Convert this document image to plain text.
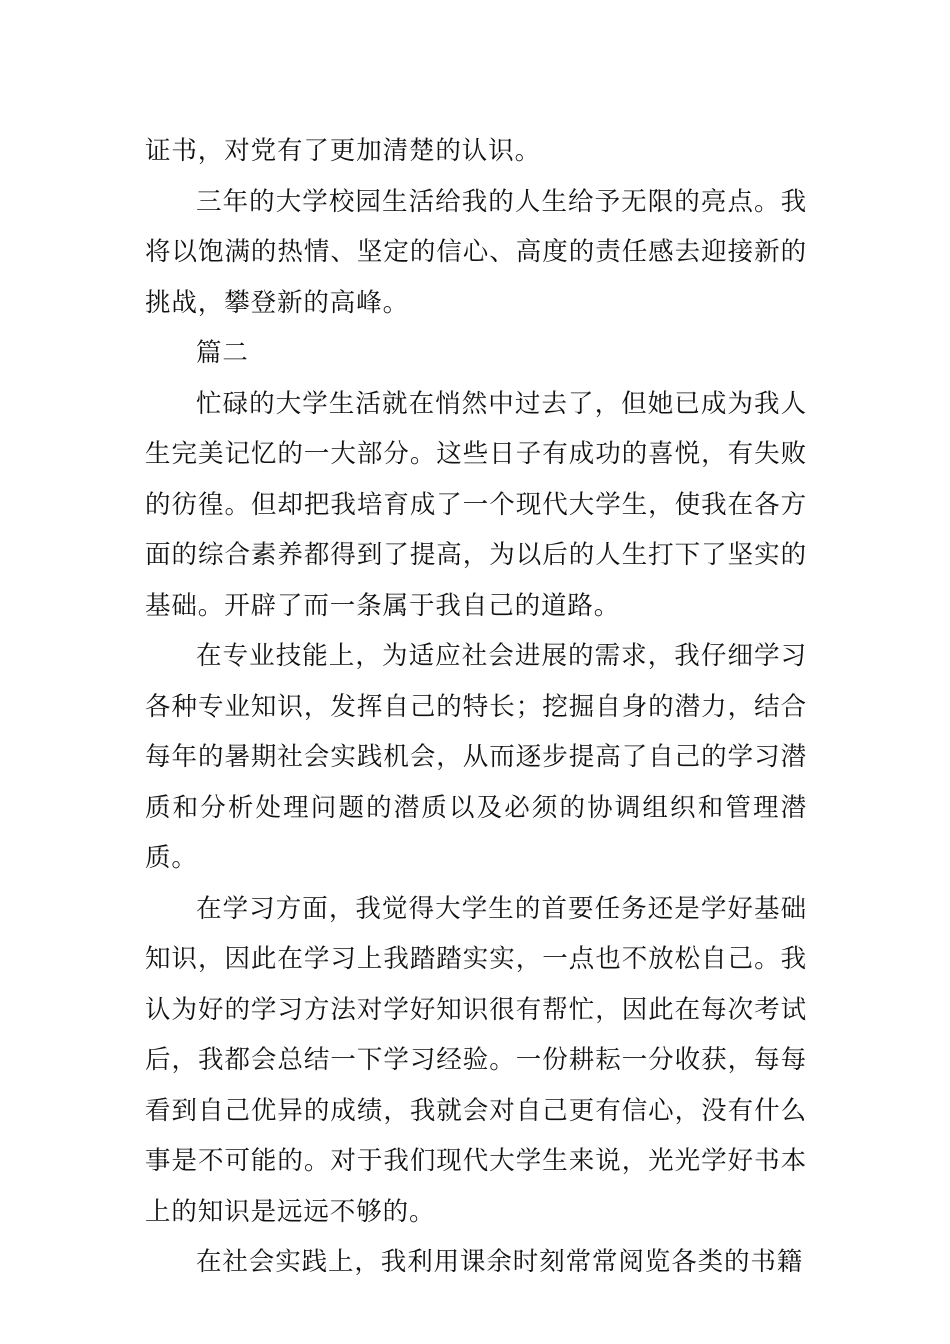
证书，对党有了更加清楚的认识。

三年的大学校园生活给我的人生给予无限的亮点。我将以饱满的热情、坚定的信心、高度的责任感去迎接新的挑战，攀登新的高峰。

篇二

忙碌的大学生活就在悄然中过去了，但她已成为我人生完美记忆的一大部分。这些日子有成功的喜悦，有失败的彷徨。但却把我培育成了一个现代大学生，使我在各方面的综合素养都得到了提高，为以后的人生打下了坚实的基础。开辟了而一条属于我自己的道路。

在专业技能上，为适应社会进展的需求，我仔细学习各种专业知识，发挥自己的特长；挖掘自身的潜力，结合每年的暑期社会实践机会，从而逐步提高了自己的学习潜质和分析处理问题的潜质以及必须的协调组织和管理潜质。

在学习方面，我觉得大学生的首要任务还是学好基础知识，因此在学习上我踏踏实实，一点也不放松自己。我认为好的学习方法对学好知识很有帮忙，因此在每次考试后，我都会总结一下学习经验。一份耕耘一分收获，每每看到自己优异的成绩，我就会对自己更有信心，没有什么事是不可能的。对于我们现代大学生来说，光光学好书本上的知识是远远不够的。

在社会实践上，我利用课余时刻常常阅览各类的书籍
